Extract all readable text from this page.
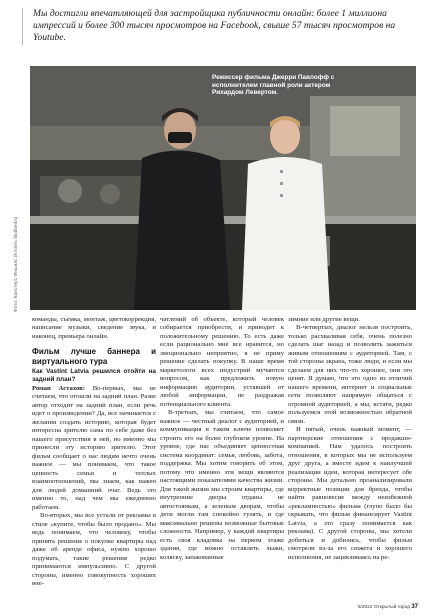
Мы достигли впечатляющей для застройщика публичности онлайн: более 1 миллиона импрессий и более 300 тысяч просмотров на Facebook, свыше 57 тысяч просмотров на Youtube.
Режиссер фильма Джерри Павлофф с исполнителем главной роли актером Рихардом Левертом.
Фото: Кристерс Фишилс (Krsters Šķibberlis)

команды, съемка, монтаж, цветокоррекция, написание музыки, сведение звука, и наконец, премьера онлайн.

Фильм лучше баннера и виртуального тура
Как Vastint Latvia решился отойти на задний план?

Роман Астахов: Во-первых, мы не считаем, что отошли на задний план. Разве автор отходит на задний план, если речь идет о произведении? Да, все начинается с желания создать историю, которая будет интересна зрителю сама по себе даже без нашего присутствия в ней, но именно мы принесли эту историю зрителю. Этот фильм сообщает о нас людям нечто очень важное — мы понимаем, что такое ценность семьи и теплых взаимоотношений, мы знаем, как важен для людей домашний очаг. Ведь это именно то, над чем мы ежедневно работаем.

Во-вторых, мы все устали от рекламы в стиле «купите, чтобы было продано». Мы ведь понимаем, что человеку, чтобы принять решение о покупке квартиры над даже об аренде офиса, нужно хорошо подумать, такие решения редко принимаются импульсивно. С другой стороны, именно совокупность хороших вне-

чатлений об объекте, который человек собирается приобрести, и приводит к положительному решению. То есть даже если рационально мне все нравится, но эмоционально неприятно, я не приму решение сделать покупку. В наше время маркетологи всех индустрий мучаются вопросом, как предложить новую информацию аудитории, уставшей от любой информации, не раздражая потенциального клиента.

В-третьих, мы считаем, что самое важное — честный диалог с аудиторией, и коммуникация в таком ключе позволяет строить его на более глубоком уровне. На уровне, где нас объединяет ценностная система координат: семья, любовь, забота, поддержка. Мы хотим говорить об этом, потому что именно эти вещи являются настоящими показателями качества жизни. Для такой жизни мы строим квартиры, где внутренние дворы отданы не автостоянкам, а зеленым дворам, чтобы дети могли там спокойно гулять, и где максимально решены возможные бытовые сложности. Например, у каждой квартиры есть своя кладовка на первом этаже здания, где можно оставлять лыжи, коляску, запакованные

зимние или другие вещи.

В-четвертых, диалог нельзя построить, только расхваливая себя, очень полезно сделать шаг назад и позволить зажиться живым отношениям с аудиторией. Там, с той стороны экрана, тоже люди, и если мы сделаем для них что-то хорошее, они это ценят. Я думаю, что это одно из отличий нашего времени, интернет и социальные сети позволяют напрямую общаться с огромной аудиторией, а мы, кстати, редко пользуемся этой возможностью обратной связи.

И пятый, очень важный момент, — партнерские отношения с продакшн-компанией. Нам удалось построить отношения, в которых мы не используем друг друга, а вместе идем к наилучшей реализации идеи, которая интересует обе стороны. Мы детально проанализировали корректные позиции для бренда, чтобы найти равновесие между неизбежной «рекламностью» фильма (глупо было бы скрывать, что фильм финансирует Vastint Latvia, а это сразу понимается как реклама). С другой стороны, мы хотели добиться и добились, чтобы фильм смотрели из-за его сюжета и хорошего исполнения, не зацикливаясь на ре-

6/2022 Открытый город 37
